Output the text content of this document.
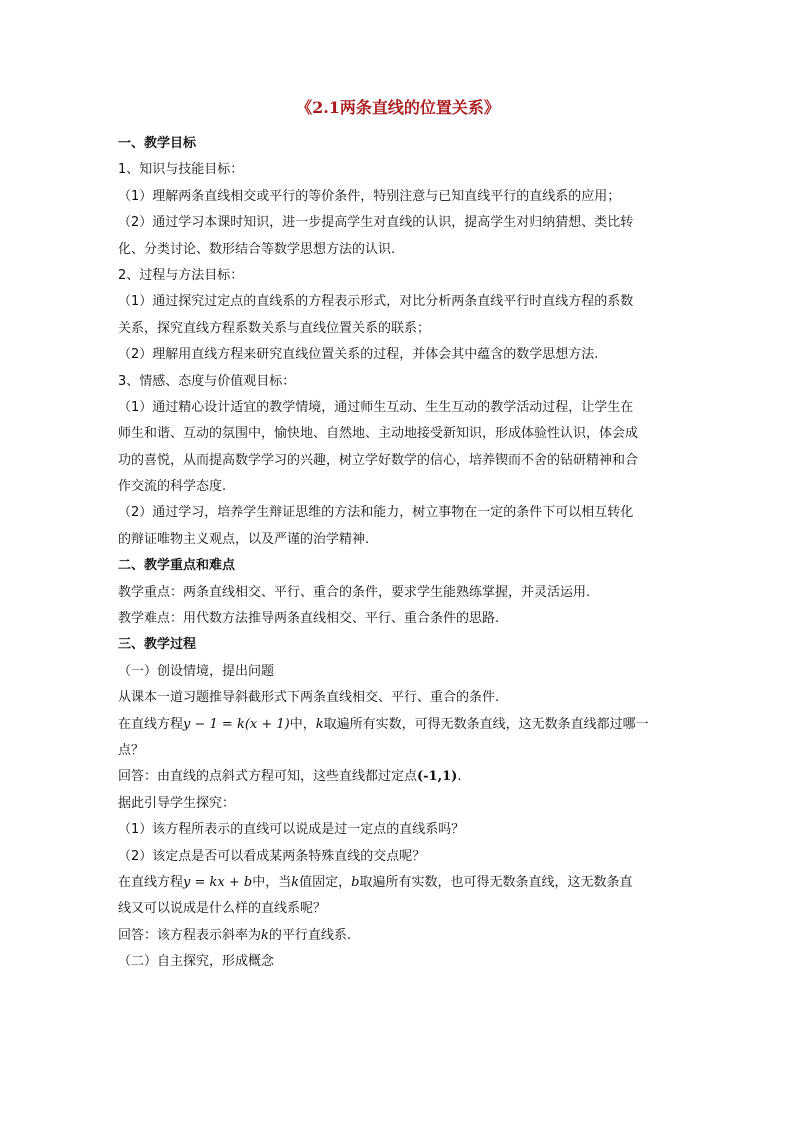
《2.1两条直线的位置关系》
一、教学目标
1、知识与技能目标：
（1）理解两条直线相交或平行的等价条件，特别注意与已知直线平行的直线系的应用；
（2）通过学习本课时知识，进一步提高学生对直线的认识，提高学生对归纳猜想、类比转
化、分类讨论、数形结合等数学思想方法的认识.
2、过程与方法目标：
（1）通过探究过定点的直线系的方程表示形式，对比分析两条直线平行时直线方程的系数
关系，探究直线方程系数关系与直线位置关系的联系；
（2）理解用直线方程来研究直线位置关系的过程，并体会其中蕴含的数学思想方法.
3、情感、态度与价值观目标：
（1）通过精心设计适宜的教学情境，通过师生互动、生生互动的教学活动过程，让学生在
师生和谐、互动的氛围中，愉快地、自然地、主动地接受新知识，形成体验性认识，体会成
功的喜悦，从而提高数学学习的兴趣，树立学好数学的信心，培养锲而不舍的钻研精神和合
作交流的科学态度.
（2）通过学习，培养学生辩证思维的方法和能力，树立事物在一定的条件下可以相互转化
的辩证唯物主义观点，以及严谨的治学精神.
二、教学重点和难点
教学重点：两条直线相交、平行、重合的条件，要求学生能熟练掌握，并灵活运用.
教学难点：用代数方法推导两条直线相交、平行、重合条件的思路.
三、教学过程
（一）创设情境，提出问题
从课本一道习题推导斜截形式下两条直线相交、平行、重合的条件.
在直线方程y − 1 = k(x + 1)中，k取遍所有实数，可得无数条直线，这无数条直线都过哪一
点？
回答：由直线的点斜式方程可知，这些直线都过定点(-1,1).
据此引导学生探究：
（1）该方程所表示的直线可以说成是过一定点的直线系吗？
（2）该定点是否可以看成某两条特殊直线的交点呢？
在直线方程y = kx + b中，当k值固定，b取遍所有实数，也可得无数条直线，这无数条直
线又可以说成是什么样的直线系呢？
回答：该方程表示斜率为k的平行直线系.
（二）自主探究，形成概念
